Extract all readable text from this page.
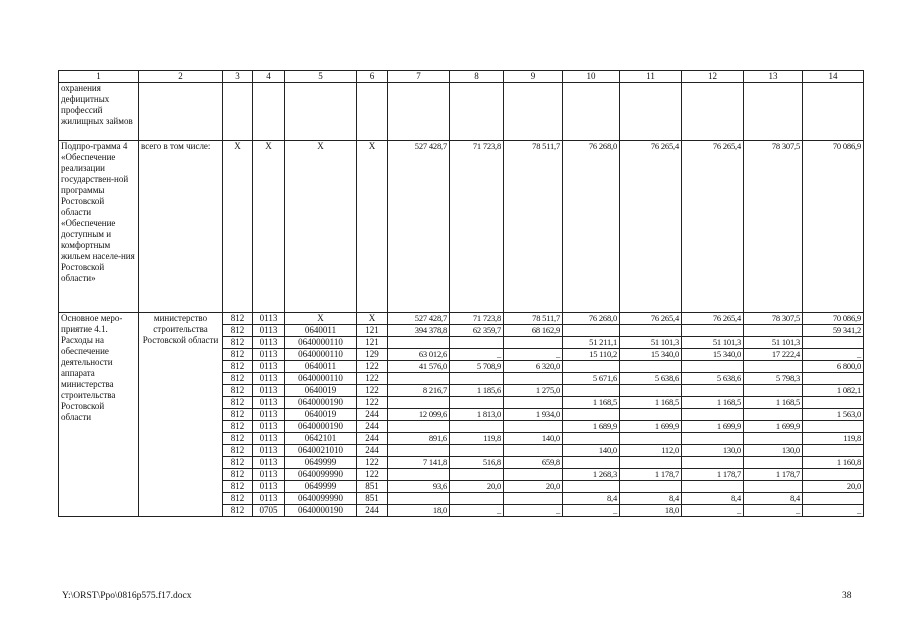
1	2	3	4	5	6	7	8	9	10	11	12	13	14
охранения дефицитных профессий жилищных займов													
Подпро-грамма 4 «Обеспечение реализации государствен-ной программы Ростовской области «Обеспечение доступным и комфортным жильем населе-ния Ростовской области»	всего в том числе:	X	X	X	X	527 428,7	71 723,8	78 511,7	76 268,0	76 265,4	76 265,4	78 307,5	70 086,9
Основное меро-приятие 4.1. Расходы на обеспечение деятельности аппарата министерства строительства Ростовской области	министерство строительства Ростовской области	812	0113	X	X	527 428,7	71 723,8	78 511,7	76 268,0	76 265,4	76 265,4	78 307,5	70 086,9
		812	0113	0640011	121	394 378,8	62 359,7	68 162,9					59 341,2
		812	0113	0640000110	121				51 211,1	51 101,3	51 101,3	51 101,3	
		812	0113	0640000110	129	63 012,6	_	_	15 110,2	15 340,0	15 340,0	17 222,4	_
		812	0113	0640011	122	41 576,0	5 708,9	6 320,0					6 800,0
		812	0113	0640000110	122				5 671,6	5 638,6	5 638,6	5 798,3	
		812	0113	0640019	122	8 216,7	1 185,6	1 275,0					1 082,1
		812	0113	0640000190	122				1 168,5	1 168,5	1 168,5	1 168,5	
		812	0113	0640019	244	12 099,6	1 813,0	1 934,0					1 563,0
		812	0113	0640000190	244				1 689,9	1 699,9	1 699,9	1 699,9	
		812	0113	0642101	244	891,6	119,8	140,0					119,8
		812	0113	0640021010	244				140,0	112,0	130,0	130,0	
		812	0113	0649999	122	7 141,8	516,8	659,8					1 160,8
		812	0113	0640099990	122				1 268,3	1 178,7	1 178,7	1 178,7	
		812	0113	0649999	851	93,6	20,0	20,0					20,0
		812	0113	0640099990	851				8,4	8,4	8,4	8,4	
		812	0705	0640000190	244	18,0	_	_	_	18,0	_	_	_
Y:\ORST\Ppo\0816p575.f17.docx	38
